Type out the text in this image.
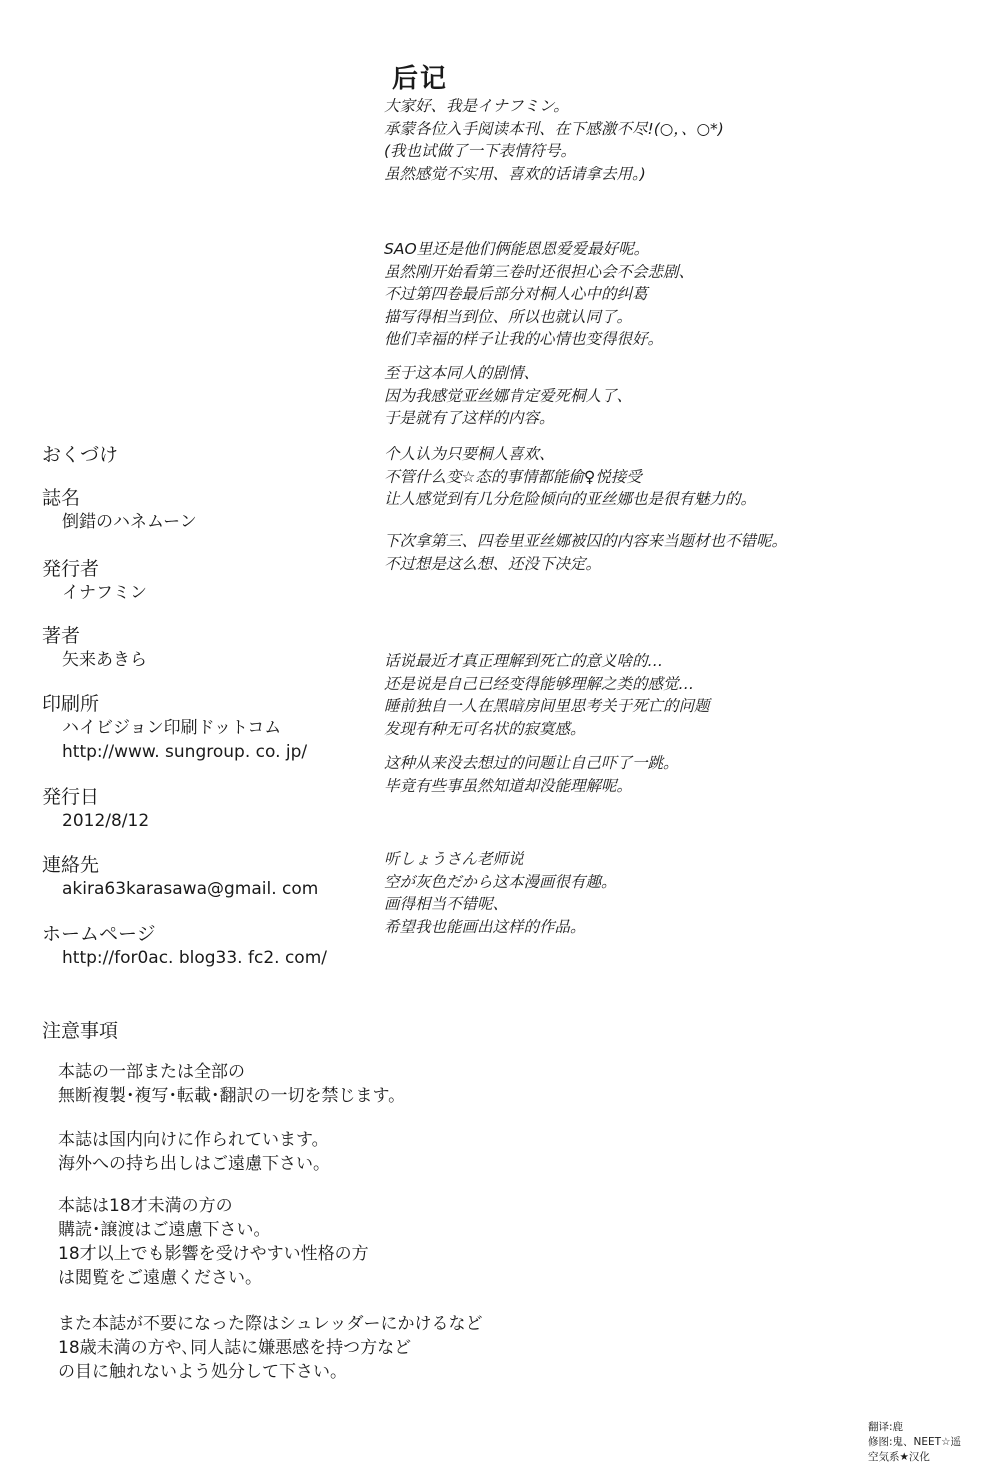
后记

大家好、我是イナフミン。

承蒙各位入手阅读本刊、在下感激不尽!(○，、○*)

(我也试做了一下表情符号。

虽然感觉不实用、喜欢的话请拿去用。)

SAO里还是他们俩能恩恩爱爱最好呢。

虽然刚开始看第三卷时还很担心会不会悲剧、

不过第四卷最后部分对桐人心中的纠葛

描写得相当到位、所以也就认同了。

他们幸福的样子让我的心情也变得很好。

至于这本同人的剧情、

因为我感觉亚丝娜肯定爱死桐人了、

于是就有了这样的内容。

个人认为只要桐人喜欢、

不管什么变☆态的事情都能偷♀悦接受

让人感觉到有几分危险倾向的亚丝娜也是很有魅力的。

下次拿第三、四卷里亚丝娜被囚的内容来当题材也不错呢。

不过想是这么想、还没下决定。

话说最近才真正理解到死亡的意义啥的…

还是说是自己已经变得能够理解之类的感觉…

睡前独自一人在黑暗房间里思考关于死亡的问题

发现有种无可名状的寂寞感。

这种从来没去想过的问题让自己吓了一跳。

毕竟有些事虽然知道却没能理解呢。

听しょうさん老师说

空が灰色だから这本漫画很有趣。

画得相当不错呢、

希望我也能画出这样的作品。

おくづけ
誌名
倒錯のハネムーン
発行者
イナフミン
著者
矢来あきら
印刷所
ハイビジョン印刷ドットコム
http://www. sungroup. co. jp/
発行日
2012/8/12
連絡先
akira63karasawa@gmail. com
ホームページ
http://for0ac. blog33. fc2. com/
注意事項

本誌の一部または全部の

無断複製･複写･転載･翻訳の一切を禁じます。

本誌は国内向けに作られています。

海外への持ち出しはご遠慮下さい。

本誌は18才未満の方の

購読･譲渡はご遠慮下さい。

18才以上でも影響を受けやすい性格の方

は閲覧をご遠慮ください。

また本誌が不要になった際はシュレッダーにかけるなど

18歳未満の方や､同人誌に嫌悪感を持つ方など

の目に触れないよう処分して下さい。

翻译:鹿

修图:鬼、NEET☆遥

空気系★汉化
